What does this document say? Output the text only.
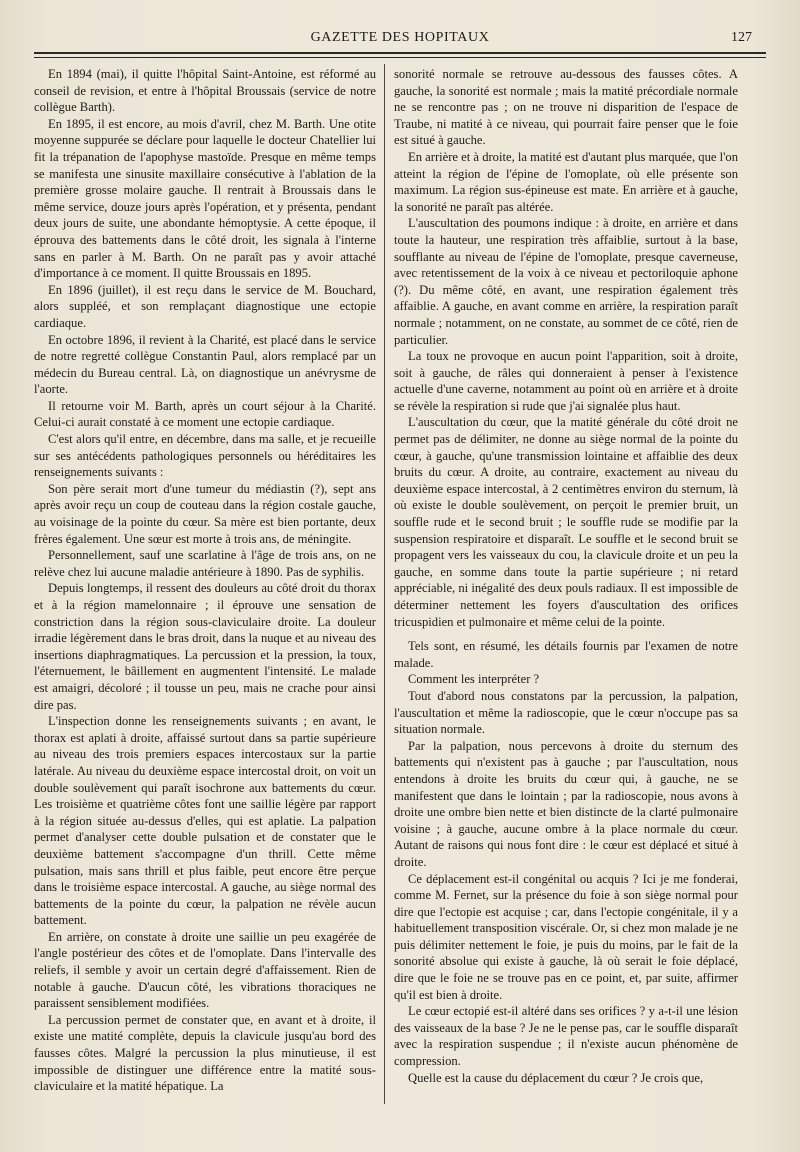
GAZETTE DES HOPITAUX	127

En 1894 (mai), il quitte l'hôpital Saint-Antoine, est réformé au conseil de revision, et entre à l'hôpital Broussais (service de notre collègue Barth).

En 1895, il est encore, au mois d'avril, chez M. Barth. Une otite moyenne suppurée se déclare pour laquelle le docteur Chatellier lui fit la trépanation de l'apophyse mastoïde. Presque en même temps se manifesta une sinusite maxillaire consécutive à l'ablation de la première grosse molaire gauche. Il rentrait à Broussais dans le même service, douze jours après l'opération, et y présenta, pendant deux jours de suite, une abondante hémoptysie. A cette époque, il éprouva des battements dans le côté droit, les signala à l'interne sans en parler à M. Barth. On ne paraît pas y avoir attaché d'importance à ce moment. Il quitte Broussais en 1895.

En 1896 (juillet), il est reçu dans le service de M. Bouchard, alors suppléé, et son remplaçant diagnostique une ectopie cardiaque.

En octobre 1896, il revient à la Charité, est placé dans le service de notre regretté collègue Constantin Paul, alors remplacé par un médecin du Bureau central. Là, on diagnostique un anévrysme de l'aorte.

Il retourne voir M. Barth, après un court séjour à la Charité. Celui-ci aurait constaté à ce moment une ectopie cardiaque.

C'est alors qu'il entre, en décembre, dans ma salle, et je recueille sur ses antécédents pathologiques personnels ou héréditaires les renseignements suivants :

Son père serait mort d'une tumeur du médiastin (?), sept ans après avoir reçu un coup de couteau dans la région costale gauche, au voisinage de la pointe du cœur. Sa mère est bien portante, deux frères également. Une sœur est morte à trois ans, de méningite.

Personnellement, sauf une scarlatine à l'âge de trois ans, on ne relève chez lui aucune maladie antérieure à 1890. Pas de syphilis.

Depuis longtemps, il ressent des douleurs au côté droit du thorax et à la région mamelonnaire ; il éprouve une sensation de constriction dans la région sous-claviculaire droite. La douleur irradie légèrement dans le bras droit, dans la nuque et au niveau des insertions diaphragmatiques. La percussion et la pression, la toux, l'éternuement, le bâillement en augmentent l'intensité. Le malade est amaigri, décoloré ; il tousse un peu, mais ne crache pour ainsi dire pas.

L'inspection donne les renseignements suivants ; en avant, le thorax est aplati à droite, affaissé surtout dans sa partie supérieure au niveau des trois premiers espaces intercostaux sur la partie latérale. Au niveau du deuxième espace intercostal droit, on voit un double soulèvement qui paraît isochrone aux battements du cœur. Les troisième et quatrième côtes font une saillie légère par rapport à la région située au-dessus d'elles, qui est aplatie. La palpation permet d'analyser cette double pulsation et de constater que le deuxième battement s'accompagne d'un thrill. Cette même pulsation, mais sans thrill et plus faible, peut encore être perçue dans le troisième espace intercostal. A gauche, au siège normal des battements de la pointe du cœur, la palpation ne révèle aucun battement.

En arrière, on constate à droite une saillie un peu exagérée de l'angle postérieur des côtes et de l'omoplate. Dans l'intervalle des reliefs, il semble y avoir un certain degré d'affaissement. Rien de notable à gauche. D'aucun côté, les vibrations thoraciques ne paraissent sensiblement modifiées.

La percussion permet de constater que, en avant et à droite, il existe une matité complète, depuis la clavicule jusqu'au bord des fausses côtes. Malgré la percussion la plus minutieuse, il est impossible de distinguer une différence entre la matité sous-claviculaire et la matité hépatique. La

sonorité normale se retrouve au-dessous des fausses côtes. A gauche, la sonorité est normale ; mais la matité précordiale normale ne se rencontre pas ; on ne trouve ni disparition de l'espace de Traube, ni matité à ce niveau, qui pourrait faire penser que le foie est situé à gauche.

En arrière et à droite, la matité est d'autant plus marquée, que l'on atteint la région de l'épine de l'omoplate, où elle présente son maximum. La région sus-épineuse est mate. En arrière et à gauche, la sonorité ne paraît pas altérée.

L'auscultation des poumons indique : à droite, en arrière et dans toute la hauteur, une respiration très affaiblie, surtout à la base, soufflante au niveau de l'épine de l'omoplate, presque caverneuse, avec retentissement de la voix à ce niveau et pectoriloquie aphone (?). Du même côté, en avant, une respiration également très affaiblie. A gauche, en avant comme en arrière, la respiration paraît normale ; notamment, on ne constate, au sommet de ce côté, rien de particulier.

La toux ne provoque en aucun point l'apparition, soit à droite, soit à gauche, de râles qui donneraient à penser à l'existence actuelle d'une caverne, notamment au point où en arrière et à droite se révèle la respiration si rude que j'ai signalée plus haut.

L'auscultation du cœur, que la matité générale du côté droit ne permet pas de délimiter, ne donne au siège normal de la pointe du cœur, à gauche, qu'une transmission lointaine et affaiblie des deux bruits du cœur. A droite, au contraire, exactement au niveau du deuxième espace intercostal, à 2 centimètres environ du sternum, là où existe le double soulèvement, on perçoit le premier bruit, un souffle rude et le second bruit ; le souffle rude se modifie par la suspension respiratoire et disparaît. Le souffle et le second bruit se propagent vers les vaisseaux du cou, la clavicule droite et un peu la gauche, en somme dans toute la partie supérieure ; ni retard appréciable, ni inégalité des deux pouls radiaux. Il est impossible de déterminer nettement les foyers d'auscultation des orifices tricuspidien et pulmonaire et même celui de la pointe.

Tels sont, en résumé, les détails fournis par l'examen de notre malade.

Comment les interpréter ?

Tout d'abord nous constatons par la percussion, la palpation, l'auscultation et même la radioscopie, que le cœur n'occupe pas sa situation normale.

Par la palpation, nous percevons à droite du sternum des battements qui n'existent pas à gauche ; par l'auscultation, nous entendons à droite les bruits du cœur qui, à gauche, ne se manifestent que dans le lointain ; par la radioscopie, nous avons à droite une ombre bien nette et bien distincte de la clarté pulmonaire voisine ; à gauche, aucune ombre à la place normale du cœur. Autant de raisons qui nous font dire : le cœur est déplacé et situé à droite.

Ce déplacement est-il congénital ou acquis ? Ici je me fonderai, comme M. Fernet, sur la présence du foie à son siège normal pour dire que l'ectopie est acquise ; car, dans l'ectopie congénitale, il y a habituellement transposition viscérale. Or, si chez mon malade je ne puis délimiter nettement le foie, je puis du moins, par le fait de la sonorité absolue qui existe à gauche, là où serait le foie déplacé, dire que le foie ne se trouve pas en ce point, et, par suite, affirmer qu'il est bien à droite.

Le cœur ectopié est-il altéré dans ses orifices ? y a-t-il une lésion des vaisseaux de la base ? Je ne le pense pas, car le souffle disparaît avec la respiration suspendue ; il n'existe aucun phénomène de compression.

Quelle est la cause du déplacement du cœur ? Je crois que,
